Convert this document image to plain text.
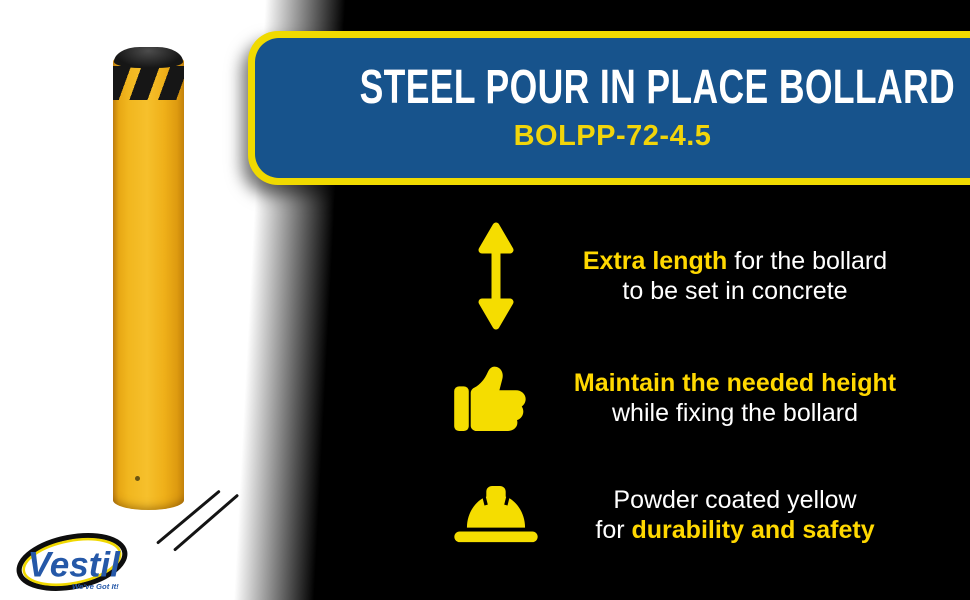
Vestil
We've Got It!
STEEL POUR IN PLACE BOLLARD
BOLPP-72-4.5
Extra length for the bollard
to be set in concrete
Maintain the needed height
while fixing the bollard
Powder coated yellow
for durability and safety
